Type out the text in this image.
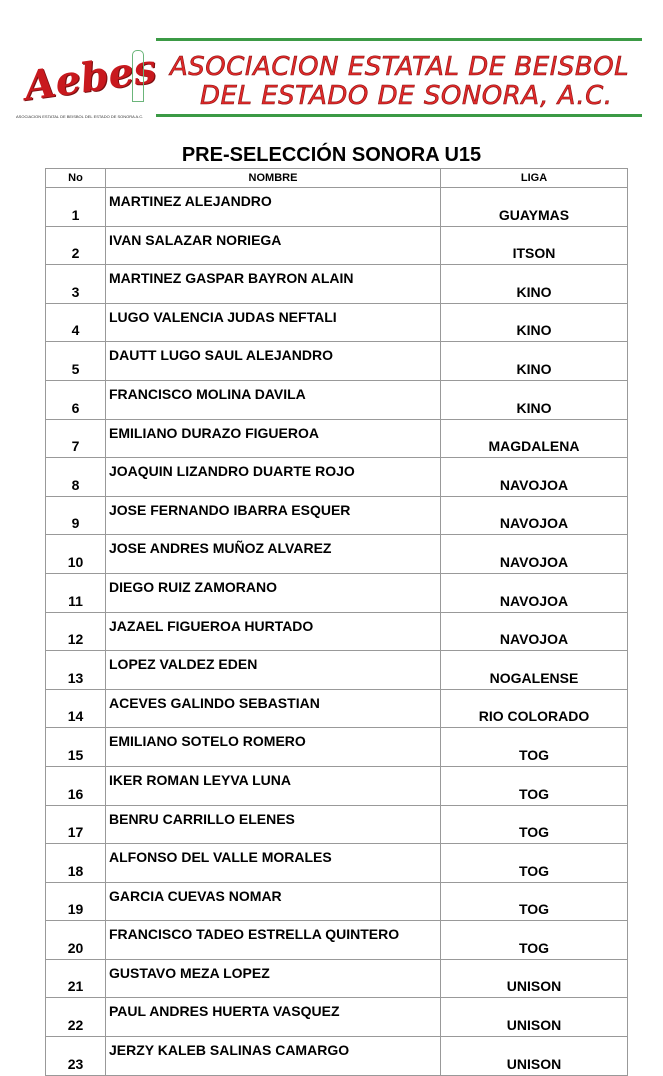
Aebes
ASOCIACION ESTATAL DE BEISBOL DEL ESTADO DE SONORA A.C.
ASOCIACION ESTATAL DE BEISBOL
DEL ESTADO DE SONORA, A.C.
PRE-SELECCIÓN SONORA U15
No	NOMBRE	LIGA
1	MARTINEZ ALEJANDRO	GUAYMAS
2	IVAN SALAZAR NORIEGA	ITSON
3	MARTINEZ GASPAR BAYRON ALAIN	KINO
4	LUGO VALENCIA JUDAS NEFTALI	KINO
5	DAUTT LUGO SAUL ALEJANDRO	KINO
6	FRANCISCO MOLINA DAVILA	KINO
7	EMILIANO DURAZO FIGUEROA	MAGDALENA
8	JOAQUIN LIZANDRO DUARTE ROJO	NAVOJOA
9	JOSE FERNANDO IBARRA ESQUER	NAVOJOA
10	JOSE ANDRES MUÑOZ ALVAREZ	NAVOJOA
11	DIEGO RUIZ ZAMORANO	NAVOJOA
12	JAZAEL FIGUEROA HURTADO	NAVOJOA
13	LOPEZ VALDEZ EDEN	NOGALENSE
14	ACEVES GALINDO SEBASTIAN	RIO COLORADO
15	EMILIANO SOTELO ROMERO	TOG
16	IKER ROMAN LEYVA LUNA	TOG
17	BENRU CARRILLO ELENES	TOG
18	ALFONSO DEL VALLE MORALES	TOG
19	GARCIA CUEVAS NOMAR	TOG
20	FRANCISCO TADEO ESTRELLA QUINTERO	TOG
21	GUSTAVO MEZA LOPEZ	UNISON
22	PAUL ANDRES HUERTA VASQUEZ	UNISON
23	JERZY KALEB SALINAS CAMARGO	UNISON
